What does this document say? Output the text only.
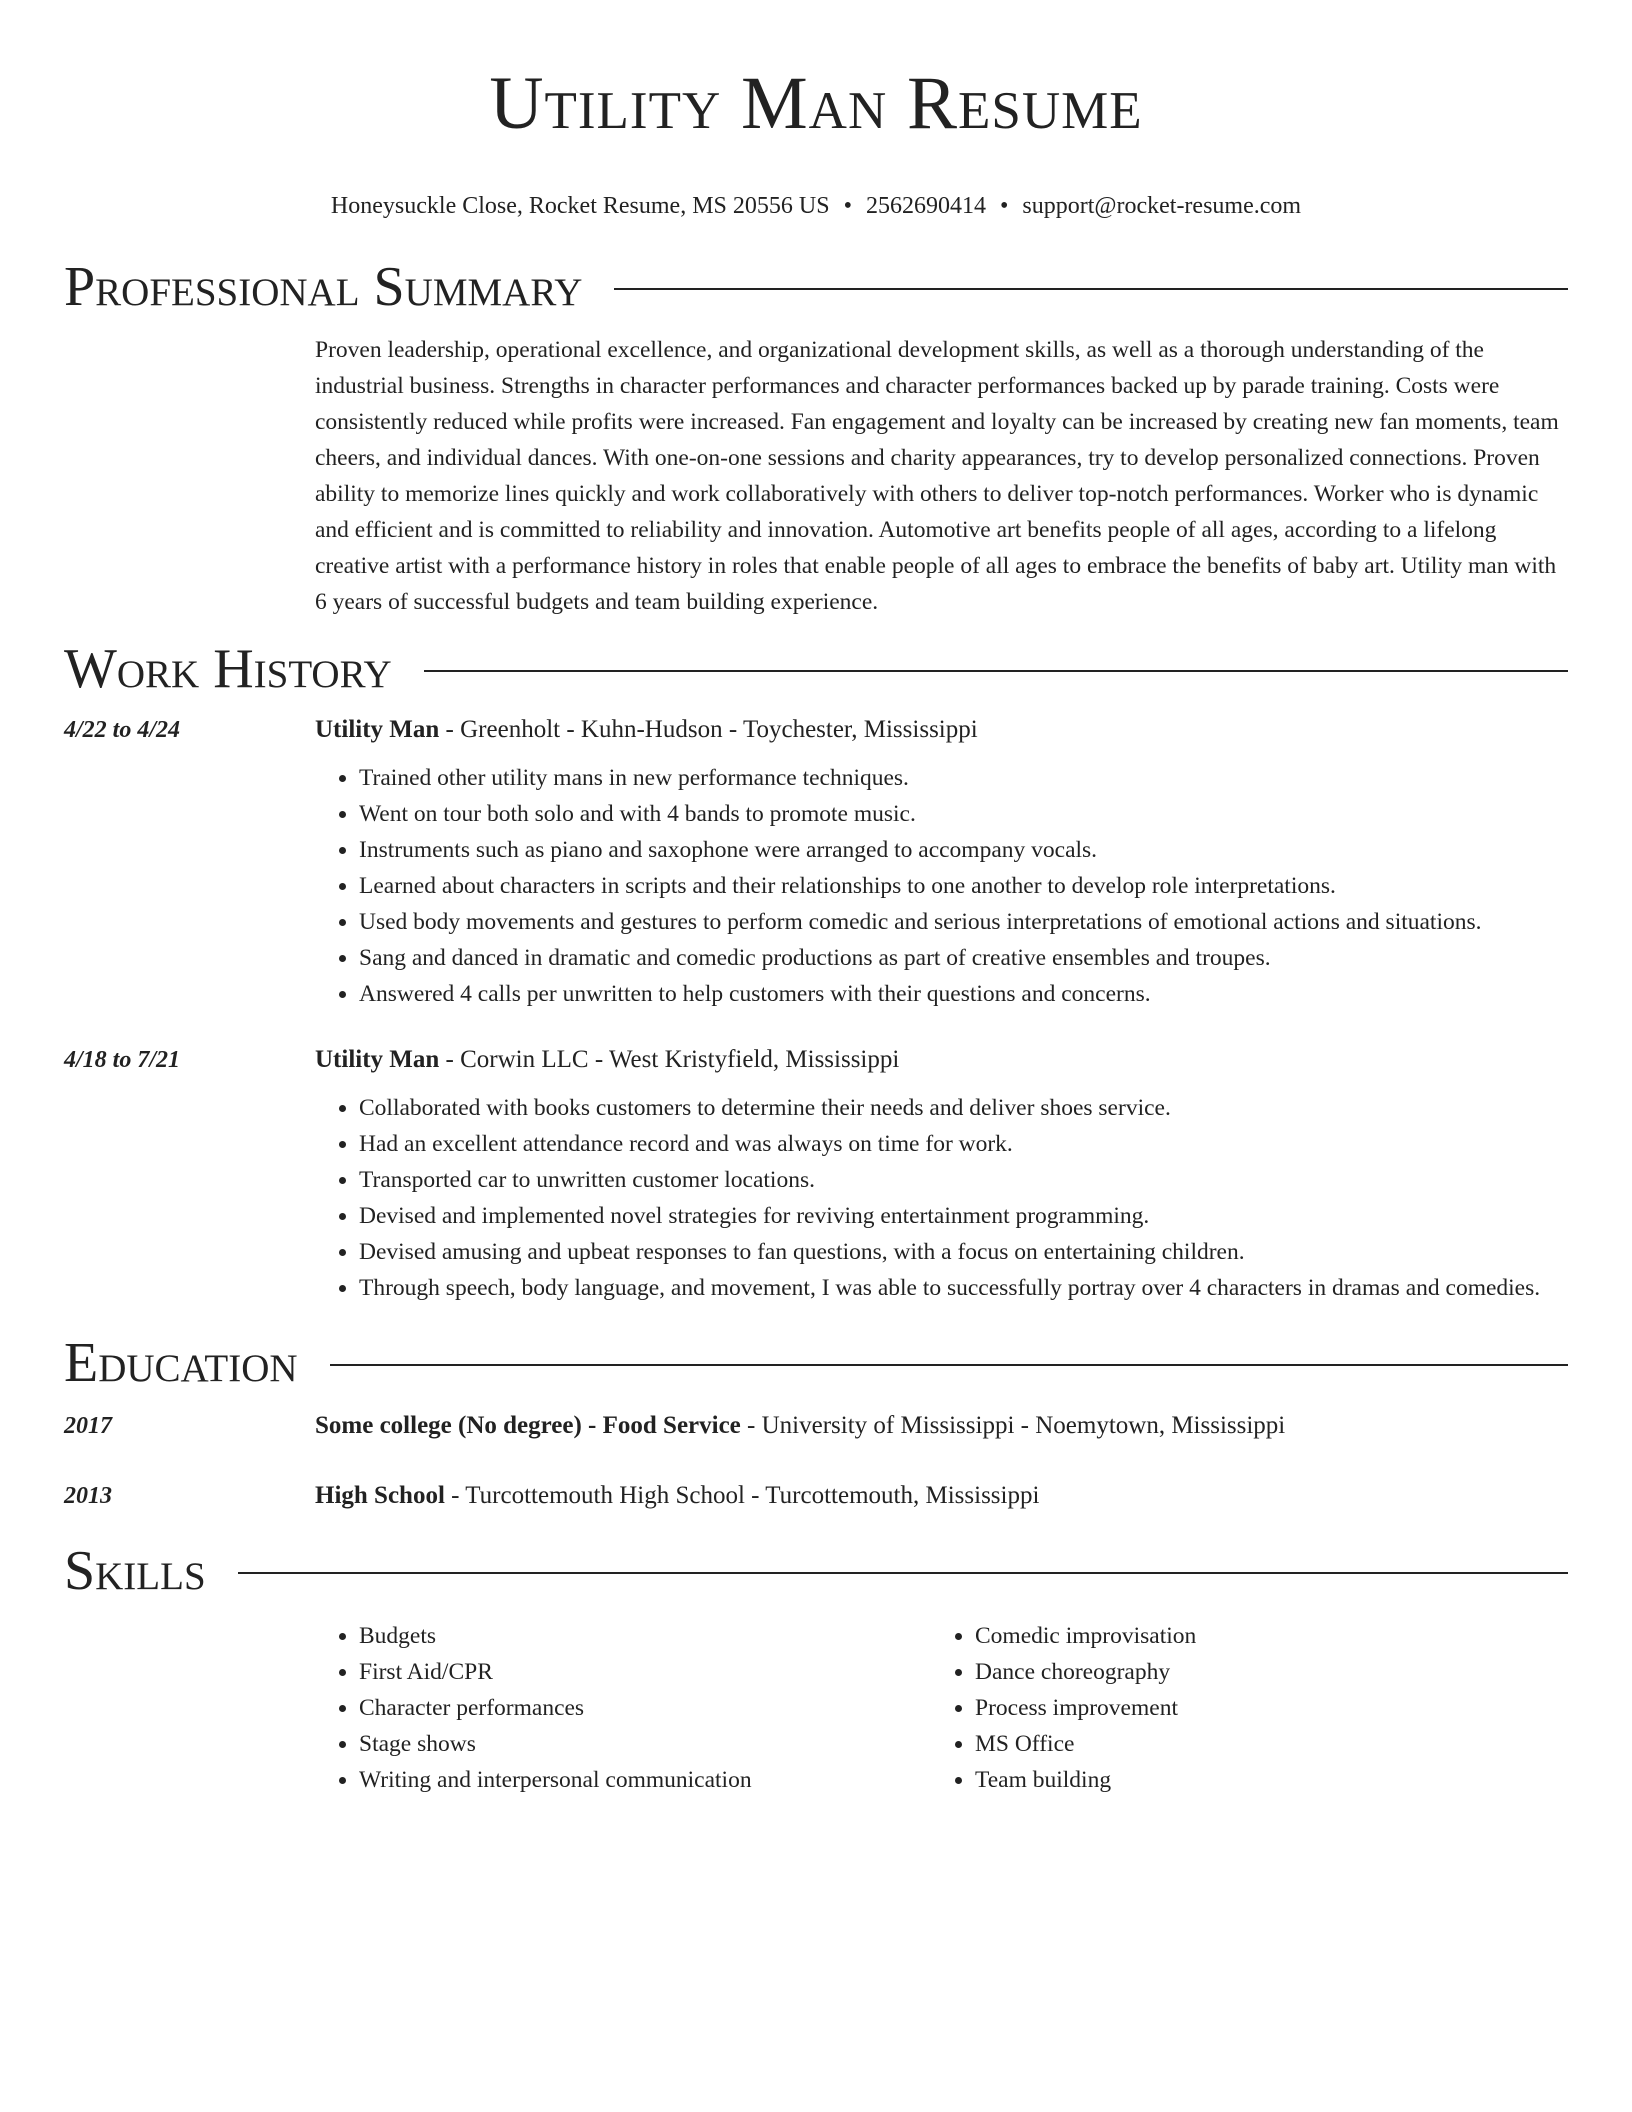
Utility Man Resume
Honeysuckle Close, Rocket Resume, MS 20556 US • 2562690414 • support@rocket-resume.com
Professional Summary
Proven leadership, operational excellence, and organizational development skills, as well as a thorough understanding of the industrial business. Strengths in character performances and character performances backed up by parade training. Costs were consistently reduced while profits were increased. Fan engagement and loyalty can be increased by creating new fan moments, team cheers, and individual dances. With one-on-one sessions and charity appearances, try to develop personalized connections. Proven ability to memorize lines quickly and work collaboratively with others to deliver top-notch performances. Worker who is dynamic and efficient and is committed to reliability and innovation. Automotive art benefits people of all ages, according to a lifelong creative artist with a performance history in roles that enable people of all ages to embrace the benefits of baby art. Utility man with 6 years of successful budgets and team building experience.
Work History
4/22 to 4/24	Utility Man - Greenholt - Kuhn-Hudson - Toychester, Mississippi
• Trained other utility mans in new performance techniques.
• Went on tour both solo and with 4 bands to promote music.
• Instruments such as piano and saxophone were arranged to accompany vocals.
• Learned about characters in scripts and their relationships to one another to develop role interpretations.
• Used body movements and gestures to perform comedic and serious interpretations of emotional actions and situations.
• Sang and danced in dramatic and comedic productions as part of creative ensembles and troupes.
• Answered 4 calls per unwritten to help customers with their questions and concerns.
4/18 to 7/21	Utility Man - Corwin LLC - West Kristyfield, Mississippi
• Collaborated with books customers to determine their needs and deliver shoes service.
• Had an excellent attendance record and was always on time for work.
• Transported car to unwritten customer locations.
• Devised and implemented novel strategies for reviving entertainment programming.
• Devised amusing and upbeat responses to fan questions, with a focus on entertaining children.
• Through speech, body language, and movement, I was able to successfully portray over 4 characters in dramas and comedies.
Education
2017	Some college (No degree) - Food Service - University of Mississippi - Noemytown, Mississippi
2013	High School - Turcottemouth High School - Turcottemouth, Mississippi
Skills
• Budgets
• First Aid/CPR
• Character performances
• Stage shows
• Writing and interpersonal communication
• Comedic improvisation
• Dance choreography
• Process improvement
• MS Office
• Team building
